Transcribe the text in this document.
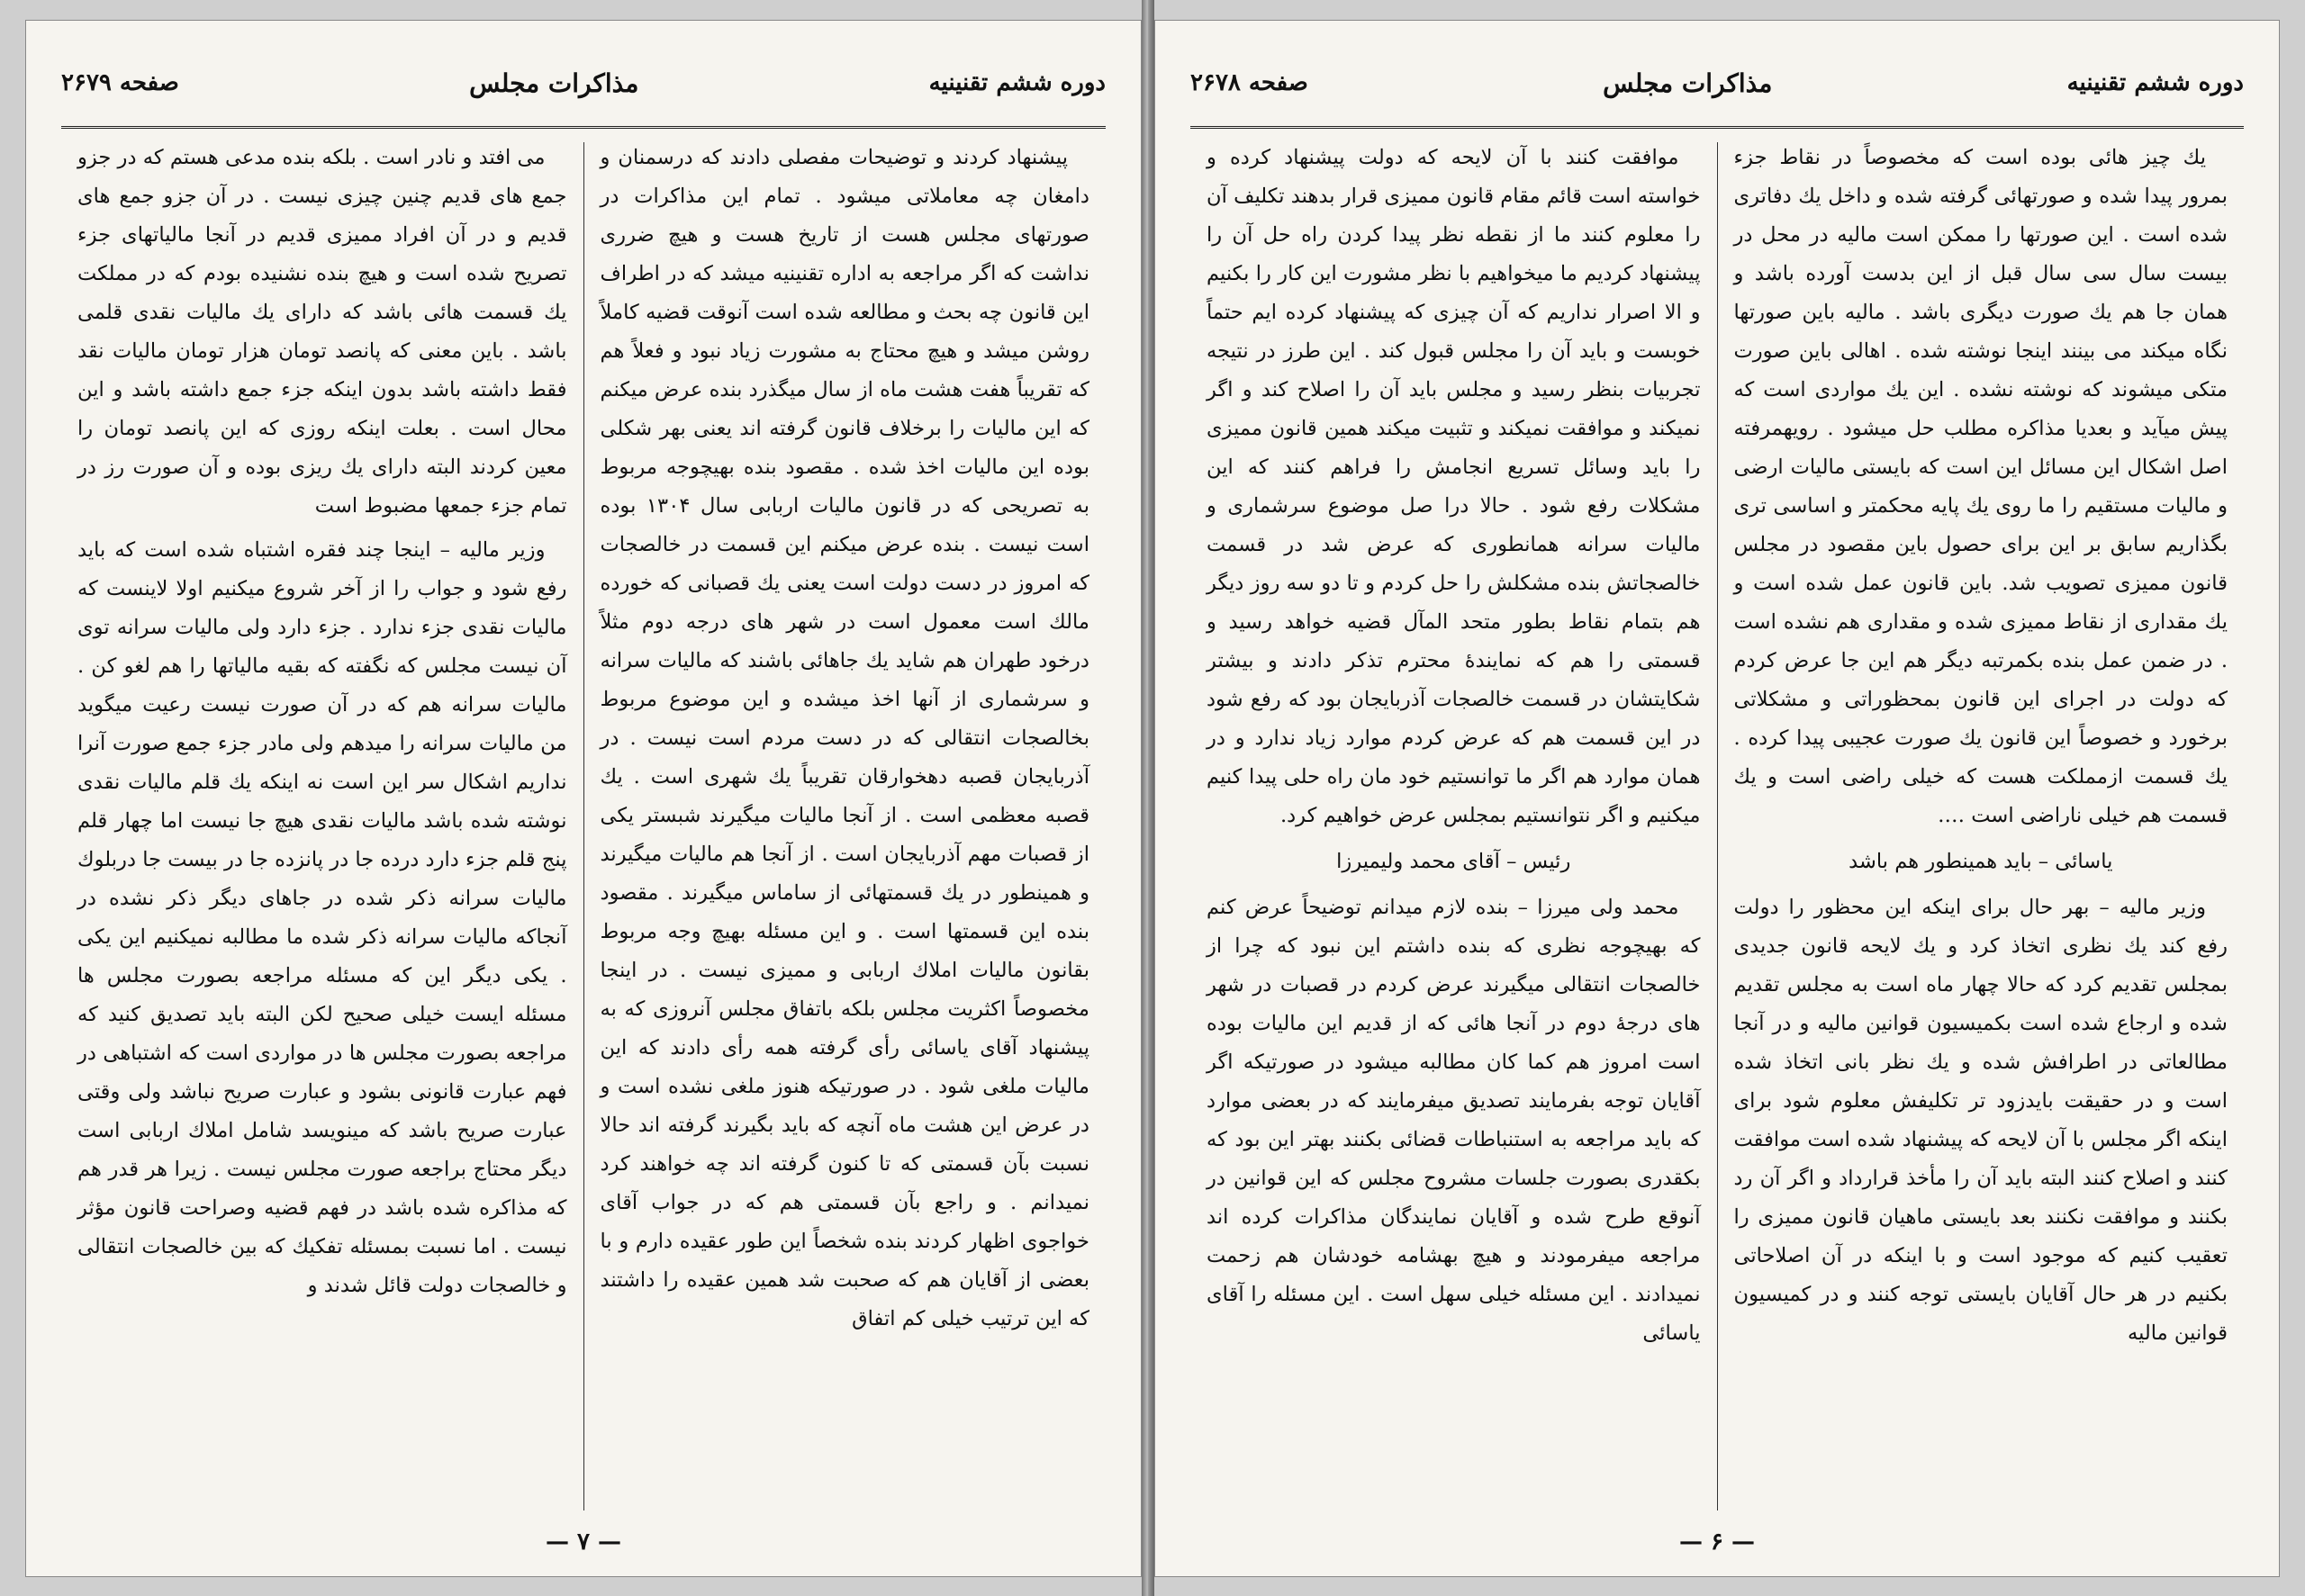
دوره ششم تقنینیه
مذاکرات مجلس
صفحه ۲۶۷۹

پیشنهاد کردند و توضیحات مفصلی دادند که درسمنان و دامغان چه معاملاتی میشود . تمام این مذاکرات در صورتهای مجلس هست از تاریخ هست و هیچ ضرری نداشت که اگر مراجعه به اداره تقنینیه میشد که در اطراف این قانون چه بحث و مطالعه شده است آنوقت قضیه کاملاً روشن میشد و هیچ محتاج به مشورت زیاد نبود و فعلاً هم که تقریباً هفت هشت ماه از سال میگذرد بنده عرض میکنم که این مالیات را برخلاف قانون گرفته اند یعنی بهر شکلی بوده این مالیات اخذ شده . مقصود بنده بهیچوجه مربوط به تصریحی که در قانون مالیات اربابی سال ۱۳۰۴ بوده است نیست . بنده عرض میکنم این قسمت در خالصجات که امروز در دست دولت است یعنی یك قصبانی که خورده مالك است معمول است در شهر های درجه دوم مثلاً درخود طهران هم شاید یك جاهائی باشند که مالیات سرانه و سرشماری از آنها اخذ میشده و این موضوع مربوط بخالصجات انتقالی که در دست مردم است نیست . در آذربایجان قصبه دهخوارقان تقریباً یك شهری است . یك قصبه معظمی است . از آنجا مالیات میگیرند شبستر یکی از قصبات مهم آذربایجان است . از آنجا هم مالیات میگیرند و همینطور در یك قسمتهائی از ساماس میگیرند . مقصود بنده این قسمتها است . و این مسئله بهیچ وجه مربوط بقانون مالیات املاك اربابی و ممیزی نیست . در اینجا مخصوصاً اکثریت مجلس بلکه باتفاق مجلس آنروزی که به پیشنهاد آقای یاسائی رأی گرفته همه رأی دادند که این مالیات ملغی شود . در صورتیکه هنوز ملغی نشده است و در عرض این هشت ماه آنچه که باید بگیرند گرفته اند حالا نسبت بآن قسمتی که تا کنون گرفته اند چه خواهند کرد نمیدانم . و راجع بآن قسمتی هم که در جواب آقای خواجوی اظهار کردند بنده شخصاً این طور عقیده دارم و با بعضی از آقایان هم که صحبت شد همین عقیده را داشتند که این ترتیب خیلی کم اتفاق

می افتد و نادر است . بلکه بنده مدعی هستم که در جزو جمع های قدیم چنین چیزی نیست . در آن جزو جمع های قدیم و در آن افراد ممیزی قدیم در آنجا مالیاتهای جزء تصریح شده است و هیچ بنده نشنیده بودم که در مملکت یك قسمت هائی باشد که دارای یك مالیات نقدی قلمی باشد . باین معنی که پانصد تومان هزار تومان مالیات نقد فقط داشته باشد بدون اینکه جزء جمع داشته باشد و این محال است . بعلت اینکه روزی که این پانصد تومان را معین کردند البته دارای یك ریزی بوده و آن صورت رز در تمام جزء جمعها مضبوط است

وزیر مالیه – اینجا چند فقره اشتباه شده است که باید رفع شود و جواب را از آخر شروع میکنیم اولا لاینست که مالیات نقدی جزء ندارد . جزء دارد ولی مالیات سرانه توی آن نیست مجلس که نگفته که بقیه مالیاتها را هم لغو کن . مالیات سرانه هم که در آن صورت نیست رعیت میگوید من مالیات سرانه را میدهم ولی مادر جزء جمع صورت آنرا نداریم اشکال سر این است نه اینکه یك قلم مالیات نقدی نوشته شده باشد مالیات نقدی هیچ جا نیست اما چهار قلم پنج قلم جزء دارد درده جا در پانزده جا در بیست جا دربلوك مالیات سرانه ذکر شده در جاهای دیگر ذکر نشده در آنجاکه مالیات سرانه ذکر شده ما مطالبه نمیکنیم این یکی . یکی دیگر این که مسئله مراجعه بصورت مجلس ها مسئله ایست خیلی صحیح لکن البته باید تصدیق کنید که مراجعه بصورت مجلس ها در مواردی است که اشتباهی در فهم عبارت قانونی بشود و عبارت صریح نباشد ولی وقتی عبارت صریح باشد که مینویسد شامل املاك اربابی است دیگر محتاج براجعه صورت مجلس نیست . زیرا هر قدر هم که مذاکره شده باشد در فهم قضیه وصراحت قانون مؤثر نیست . اما نسبت بمسئله تفکیك که بین خالصجات انتقالی و خالصجات دولت قائل شدند و

— ۷ —
دوره ششم تقنینیه
مذاکرات مجلس
صفحه ۲۶۷۸

یك چیز هائی بوده است که مخصوصاً در نقاط جزء بمرور پیدا شده و صورتهائی گرفته شده و داخل یك دفاتری شده است . این صورتها را ممکن است مالیه در محل در بیست سال سی سال قبل از این بدست آورده باشد و همان جا هم یك صورت دیگری باشد . مالیه باین صورتها نگاه میکند می بینند اینجا نوشته شده . اهالی باین صورت متکی میشوند که نوشته نشده . این یك مواردی است که پیش میآید و بعدیا مذاکره مطلب حل میشود . رویهمرفته اصل اشکال این مسائل این است که بایستی مالیات ارضی و مالیات مستقیم را ما روی یك پایه محکمتر و اساسی تری بگذاریم سابق بر این برای حصول باین مقصود در مجلس قانون ممیزی تصویب شد. باین قانون عمل شده است و یك مقداری از نقاط ممیزی شده و مقداری هم نشده است . در ضمن عمل بنده بکمرتبه دیگر هم این جا عرض کردم که دولت در اجرای این قانون بمحظوراتی و مشکلاتی برخورد و خصوصاً این قانون یك صورت عجیبی پیدا کرده . یك قسمت ازمملکت هست که خیلی راضی است و یك قسمت هم خیلی ناراضی است ….

یاسائی – باید همینطور هم باشد

وزیر مالیه – بهر حال برای اینکه این محظور را دولت رفع کند یك نظری اتخاذ کرد و یك لایحه قانون جدیدی بمجلس تقدیم کرد که حالا چهار ماه است به مجلس تقدیم شده و ارجاع شده است بکمیسیون قوانین مالیه و در آنجا مطالعاتی در اطرافش شده و یك نظر بانی اتخاذ شده است و در حقیقت بایدزود تر تکلیفش معلوم شود برای اینکه اگر مجلس با آن لایحه که پیشنهاد شده است موافقت کنند و اصلاح کنند البته باید آن را مأخذ قرارداد و اگر آن رد بکنند و موافقت نکنند بعد بایستی ماهیان قانون ممیزی را تعقیب کنیم که موجود است و با اینکه در آن اصلاحاتی بکنیم در هر حال آقایان بایستی توجه کنند و در کمیسیون قوانین مالیه

موافقت کنند با آن لایحه که دولت پیشنهاد کرده و خواسته است قائم مقام قانون ممیزی قرار بدهند تکلیف آن را معلوم کنند ما از نقطه نظر پیدا کردن راه حل آن را پیشنهاد کردیم ما میخواهیم با نظر مشورت این کار را بکنیم و الا اصرار نداریم که آن چیزی که پیشنهاد کرده ایم حتماً خوبست و باید آن را مجلس قبول کند . این طرز در نتیجه تجربیات بنظر رسید و مجلس باید آن را اصلاح کند و اگر نمیکند و موافقت نمیکند و تثبیت میکند همین قانون ممیزی را باید وسائل تسریع انجامش را فراهم کنند که این مشکلات رفع شود . حالا درا صل موضوع سرشماری و مالیات سرانه همانطوری که عرض شد در قسمت خالصجاتش بنده مشکلش را حل کردم و تا دو سه روز دیگر هم بتمام نقاط بطور متحد المآل قضیه خواهد رسید و قسمتی را هم که نمایندهٔ محترم تذکر دادند و بیشتر شکایتشان در قسمت خالصجات آذربایجان بود که رفع شود در این قسمت هم که عرض کردم موارد زیاد ندارد و در همان موارد هم اگر ما توانستیم خود مان راه حلی پیدا کنیم میکنیم و اگر نتوانستیم بمجلس عرض خواهیم کرد.

رئیس – آقای محمد ولیمیرزا

محمد ولی میرزا – بنده لازم میدانم توضیحاً عرض کنم که بهیچوجه نظری که بنده داشتم این نبود که چرا از خالصجات انتقالی میگیرند عرض کردم در قصبات در شهر های درجهٔ دوم در آنجا هائی که از قدیم این مالیات بوده است امروز هم کما کان مطالبه میشود در صورتیکه اگر آقایان توجه بفرمایند تصدیق میفرمایند که در بعضی موارد که باید مراجعه به استنباطات قضائی بکنند بهتر این بود که بکقدری بصورت جلسات مشروح مجلس که این قوانین در آنوقع طرح شده و آقایان نمایندگان مذاکرات کرده اند مراجعه میفرمودند و هیچ بهشامه خودشان هم زحمت نمیدادند . این مسئله خیلی سهل است . این مسئله را آقای یاسائی

— ۶ —
